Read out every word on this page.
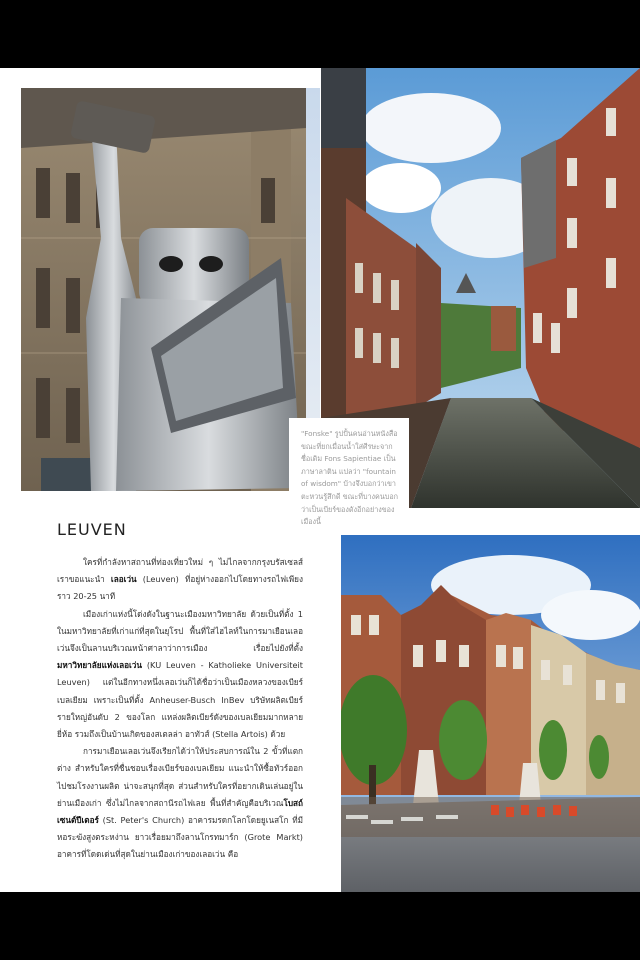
"Fonske" รูปปั้นคนอ่านหนังสือขณะที่ยกเมื่อนน้ำใส่ศีรษะจากชื่อเดิม Fons Sapientiae เป็นภาษาลาติน แปลว่า "fountain of wisdom" บ้างจึงบอกว่าเขาตะหวนรู้สึกดี ขณะที่บางคนบอกว่าเป็นเบียร์ของดังอีกอย่างของเมืองนี้
LEUVEN

ใครที่กำลังหาสถานที่ท่องเที่ยวใหม่ ๆ ไม่ไกลจากกรุงบรัสเซลส์ เราขอแนะนำ เลอเว่น (Leuven) ที่อยู่ห่างออกไปโดยทางรถไฟเพียงราว 20-25 นาที

เมืองเก่าแห่งนี้โด่งดังในฐานะเมืองมหาวิทยาลัย ด้วยเป็นที่ตั้ง 1 ในมหาวิทยาลัยที่เก่าแก่ที่สุดในยุโรป พื้นที่ใส่ไฮไลท์ในการมาเยือนเลอเว่นจึงเป็นลานบริเวณหน้าศาลาว่าการเมือง เรื่อยไปยังที่ตั้งมหาวิทยาลัยแห่งเลอเว่น (KU Leuven - Katholieke Universiteit Leuven) แต่ในอีกทางหนึ่งเลอเว่นก็ได้ชื่อว่าเป็นเมืองหลวงของเบียร์เบลเยียม เพราะเป็นที่ตั้ง Anheuser-Busch InBev บริษัทผลิตเบียร์รายใหญ่อันดับ 2 ของโลก แหล่งผลิตเบียร์ดังของเบลเยียมมากหลายยี่ห้อ รวมถึงเป็นบ้านเกิดของสเตลล่า อาทัวส์ (Stella Artois) ด้วย

การมาเยือนเลอเว่นจึงเรียกได้ว่าให้ประสบการณ์ใน 2 ขั้วที่แตกต่าง สำหรับใครที่ชื่นชอบเรื่องเบียร์ของเบลเยียม แนะนำให้ซื้อทัวร์ออกไปชมโรงงานผลิต น่าจะสนุกที่สุด ส่วนสำหรับใครที่อยากเดินเล่นอยู่ในย่านเมืองเก่า ซึ่งไม่ไกลจากสถานีรถไฟเลย พื้นที่สำคัญคือบริเวณโบสถ์เซนต์ปีเตอร์ (St. Peter's Church) อาคารมรดกโลกโดยยูเนสโก ที่มีหอระฆังสูงตระหง่าน ยาวเรื่อยมาถึงลานโกรทมาร์ก (Grote Markt) อาคารที่โดดเด่นที่สุดในย่านเมืองเก่าของเลอเว่น คือ
